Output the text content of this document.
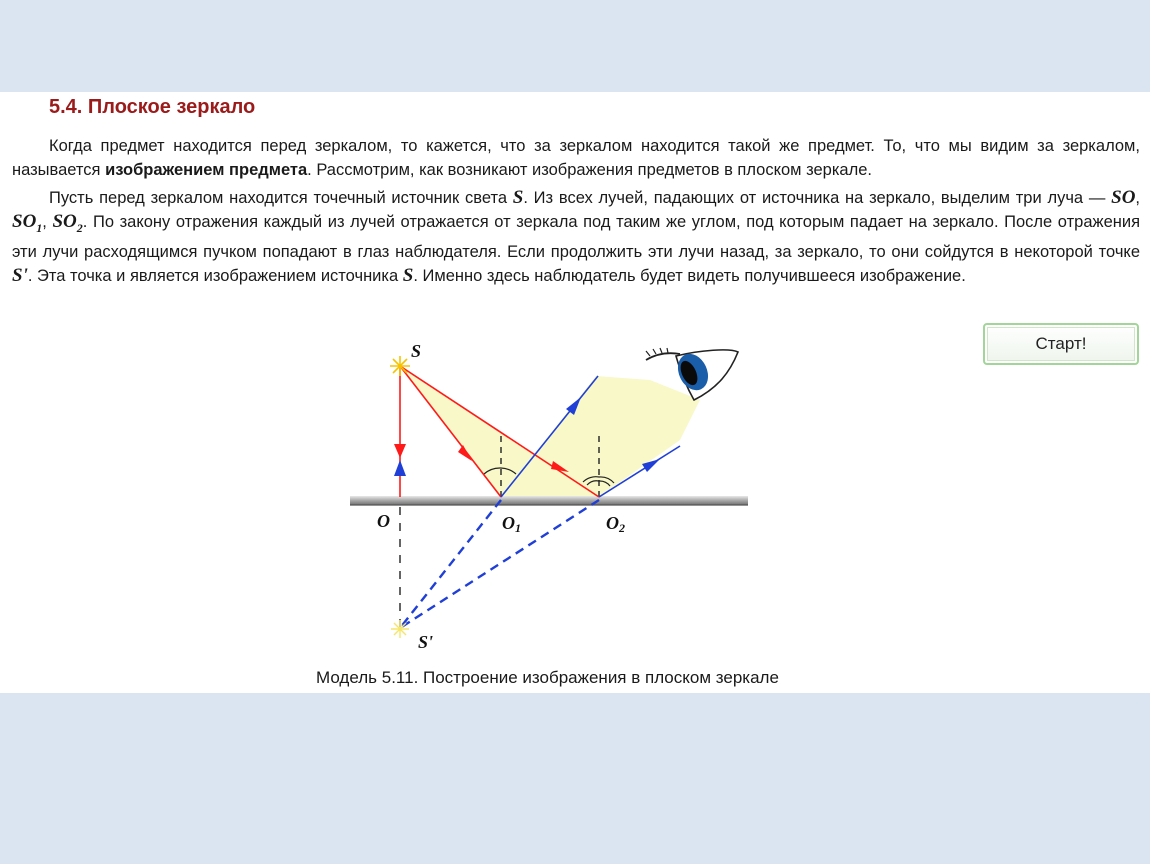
5.4. Плоское зеркало

Когда предмет находится перед зеркалом, то кажется, что за зеркалом находится такой же предмет. То, что мы видим за зеркалом, называется изображением предмета. Рассмотрим, как возникают изображения предметов в плоском зеркале.

Пусть перед зеркалом находится точечный источник света S. Из всех лучей, падающих от источника на зеркало, выделим три луча — SO, $SO_1$, $SO_2$. По закону отражения каждый из лучей отражается от зеркала под таким же углом, под которым падает на зеркало. После отражения эти лучи расходящимся пучком попадают в глаз наблюдателя. Если продолжить эти лучи назад, за зеркало, то они сойдутся в некоторой точке S'. Эта точка и является изображением источника S. Именно здесь наблюдатель будет видеть получившееся изображение.

Старт!
S
O	O1	O2
S'

Модель 5.11. Построение изображения в плоском зеркале
